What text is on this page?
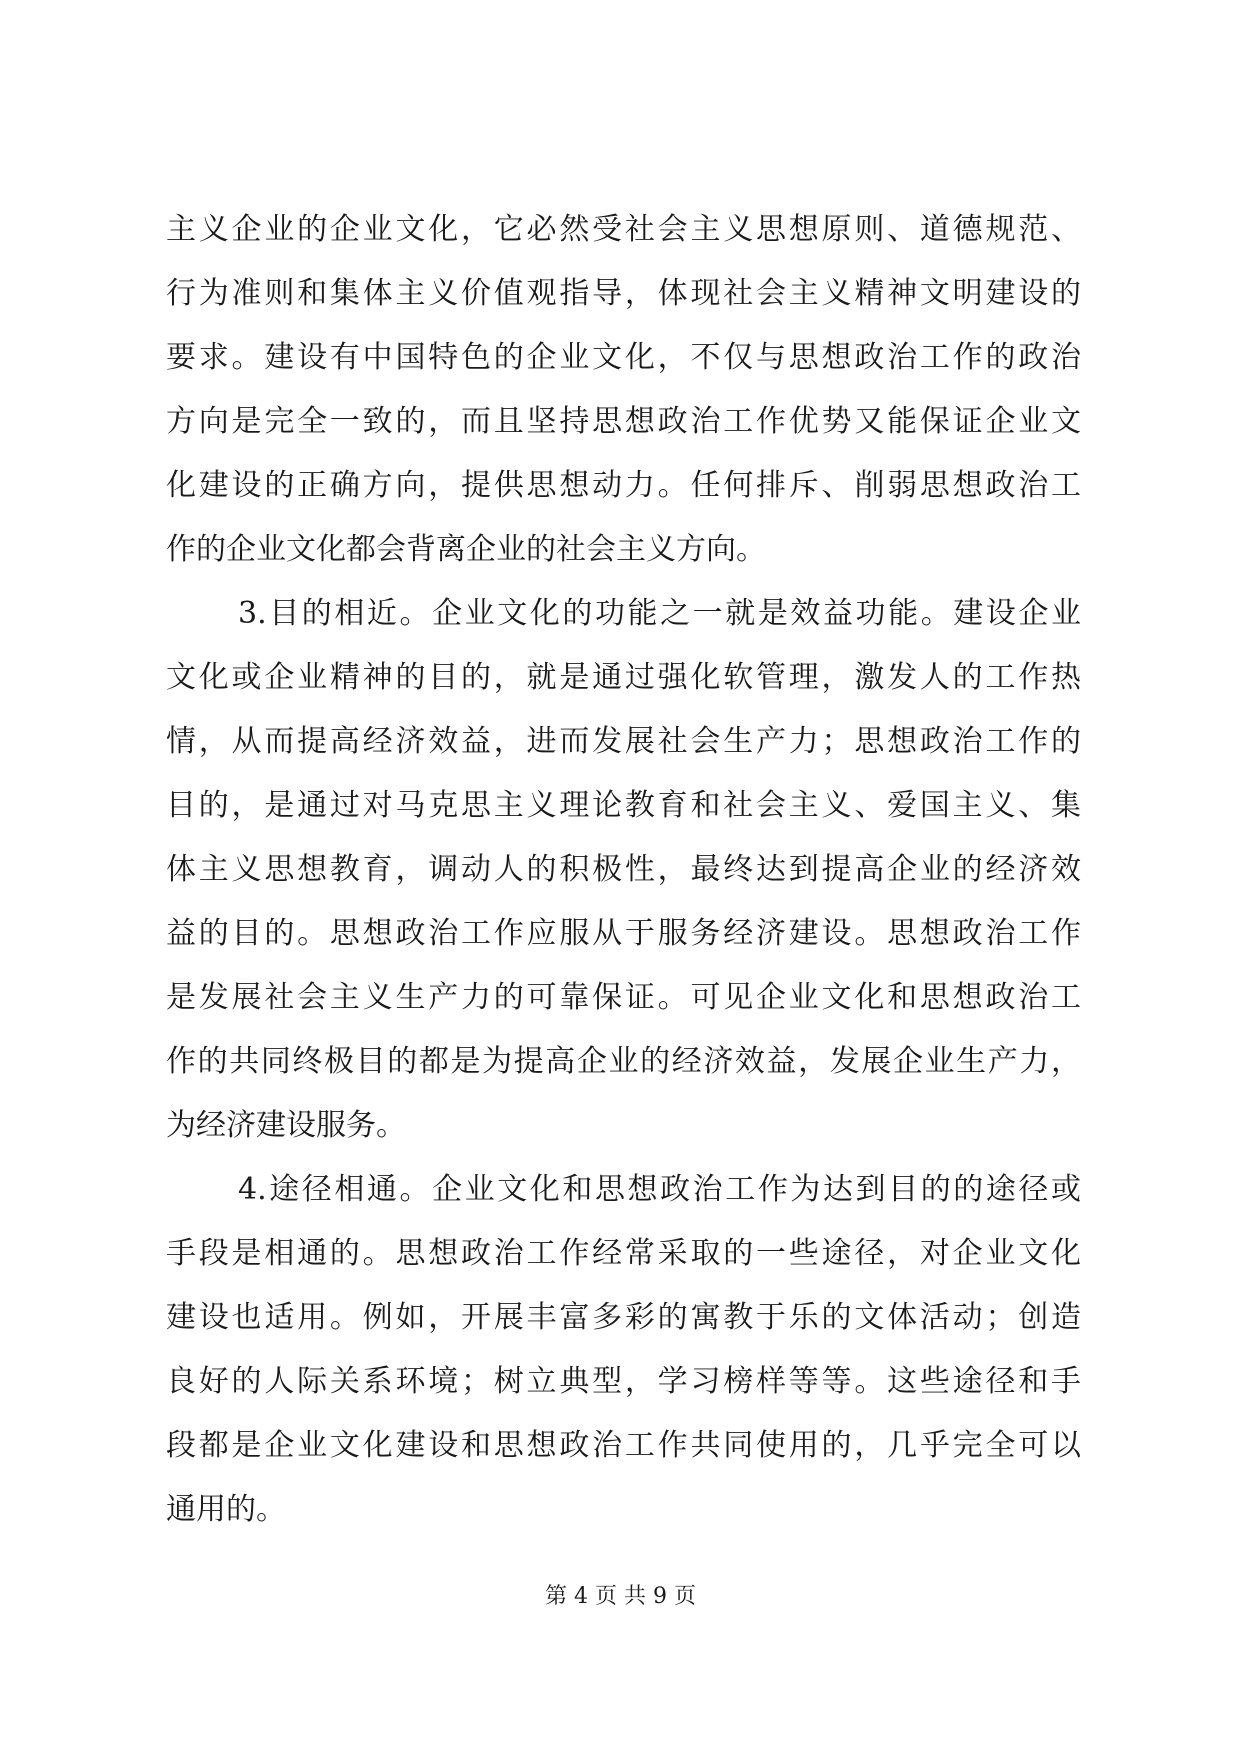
主义企业的企业文化，它必然受社会主义思想原则、道德规范、
行为准则和集体主义价值观指导，体现社会主义精神文明建设的
要求。建设有中国特色的企业文化，不仅与思想政治工作的政治
方向是完全一致的，而且坚持思想政治工作优势又能保证企业文
化建设的正确方向，提供思想动力。任何排斥、削弱思想政治工
作的企业文化都会背离企业的社会主义方向。
3.目的相近。企业文化的功能之一就是效益功能。建设企业
文化或企业精神的目的，就是通过强化软管理，激发人的工作热
情，从而提高经济效益，进而发展社会生产力；思想政治工作的
目的，是通过对马克思主义理论教育和社会主义、爱国主义、集
体主义思想教育，调动人的积极性，最终达到提高企业的经济效
益的目的。思想政治工作应服从于服务经济建设。思想政治工作
是发展社会主义生产力的可靠保证。可见企业文化和思想政治工
作的共同终极目的都是为提高企业的经济效益，发展企业生产力，
为经济建设服务。
4.途径相通。企业文化和思想政治工作为达到目的的途径或
手段是相通的。思想政治工作经常采取的一些途径，对企业文化
建设也适用。例如，开展丰富多彩的寓教于乐的文体活动；创造
良好的人际关系环境；树立典型，学习榜样等等。这些途径和手
段都是企业文化建设和思想政治工作共同使用的，几乎完全可以
通用的。
第 4 页 共 9 页
